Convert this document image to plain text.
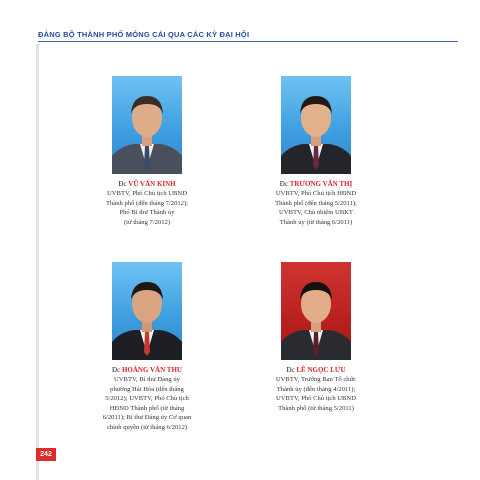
ĐẢNG BỘ THÀNH PHỐ MÓNG CÁI QUA CÁC KỲ ĐẠI HỘI
Đc VŨ VĂN KINH
UVBTV, Phó Chủ tịch UBND
Thành phố (đến tháng 7/2012);
Phó Bí thư Thành ủy
(từ tháng 7/2012)
Đc TRƯƠNG VĂN THỊ
UVBTV, Phó Chủ tịch HĐND
Thành phố (đến tháng 5/2011);
UVBTV, Chủ nhiệm UBKT
Thành ủy (từ tháng 6/2011)
Đc HOÀNG VĂN THU
UVBTV, Bí thư Đảng ủy
phường Hải Hòa (đến tháng
5/2012); UVBTV, Phó Chủ tịch
HĐND Thành phố (từ tháng
6/2011); Bí thư Đảng ủy Cơ quan
chính quyền (từ tháng 6/2012)
Đc LÊ NGỌC LƯU
UVBTV, Trưởng Ban Tổ chức
Thành ủy (đến tháng 4/2011);
UVBTV, Phó Chủ tịch UBND
Thành phố (từ tháng 5/2011)
242
